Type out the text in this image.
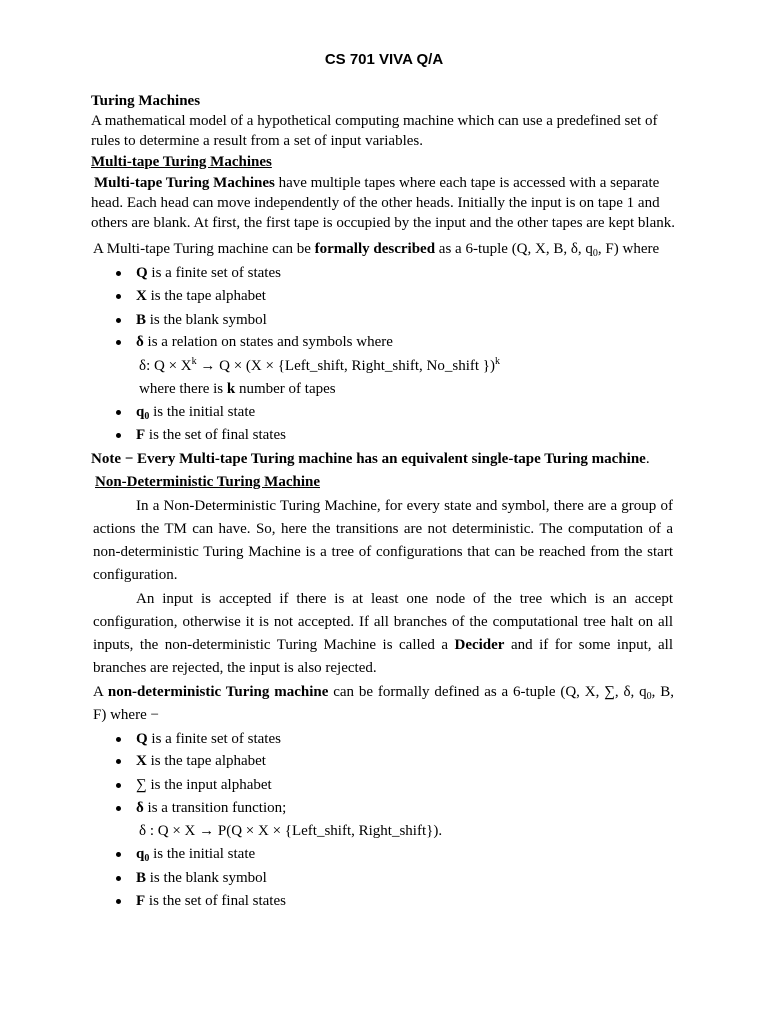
CS 701 VIVA Q/A
Turing Machines
A mathematical model of a hypothetical computing machine which can use a predefined set of
rules to determine a result from a set of input variables.
Multi-tape Turing Machines
Multi-tape Turing Machines have multiple tapes where each tape is accessed with a separate
head. Each head can move independently of the other heads. Initially the input is on tape 1 and
others are blank. At first, the first tape is occupied by the input and the other tapes are kept blank.
A Multi-tape Turing machine can be formally described as a 6-tuple (Q, X, B, δ, $q_0$, F) where
Q is a finite set of states
X is the tape alphabet
B is the blank symbol
δ is a relation on states and symbols where
δ: $Q \times X^k \to Q \times (X$ × {Left_shift, Right_shift, No_shift })$^k$
where there is k number of tapes
$q_0$ is the initial state
F is the set of final states
Note − Every Multi-tape Turing machine has an equivalent single-tape Turing machine.
Non-Deterministic Turing Machine
In a Non-Deterministic Turing Machine, for every state and symbol, there are a group of
actions the TM can have. So, here the transitions are not deterministic. The computation of a
non-deterministic Turing Machine is a tree of configurations that can be reached from the start
configuration.
An input is accepted if there is at least one node of the tree which is an accept
configuration, otherwise it is not accepted. If all branches of the computational tree halt on all
inputs, the non-deterministic Turing Machine is called a Decider and if for some input, all
branches are rejected, the input is also rejected.
A non-deterministic Turing machine can be formally defined as a 6-tuple (Q, X, ∑, δ, $q_0$, B,
F) where −
Q is a finite set of states
X is the tape alphabet
∑ is the input alphabet
δ is a transition function;
δ : Q × X → P(Q × X × {Left_shift, Right_shift}).
$q_0$ is the initial state
B is the blank symbol
F is the set of final states
